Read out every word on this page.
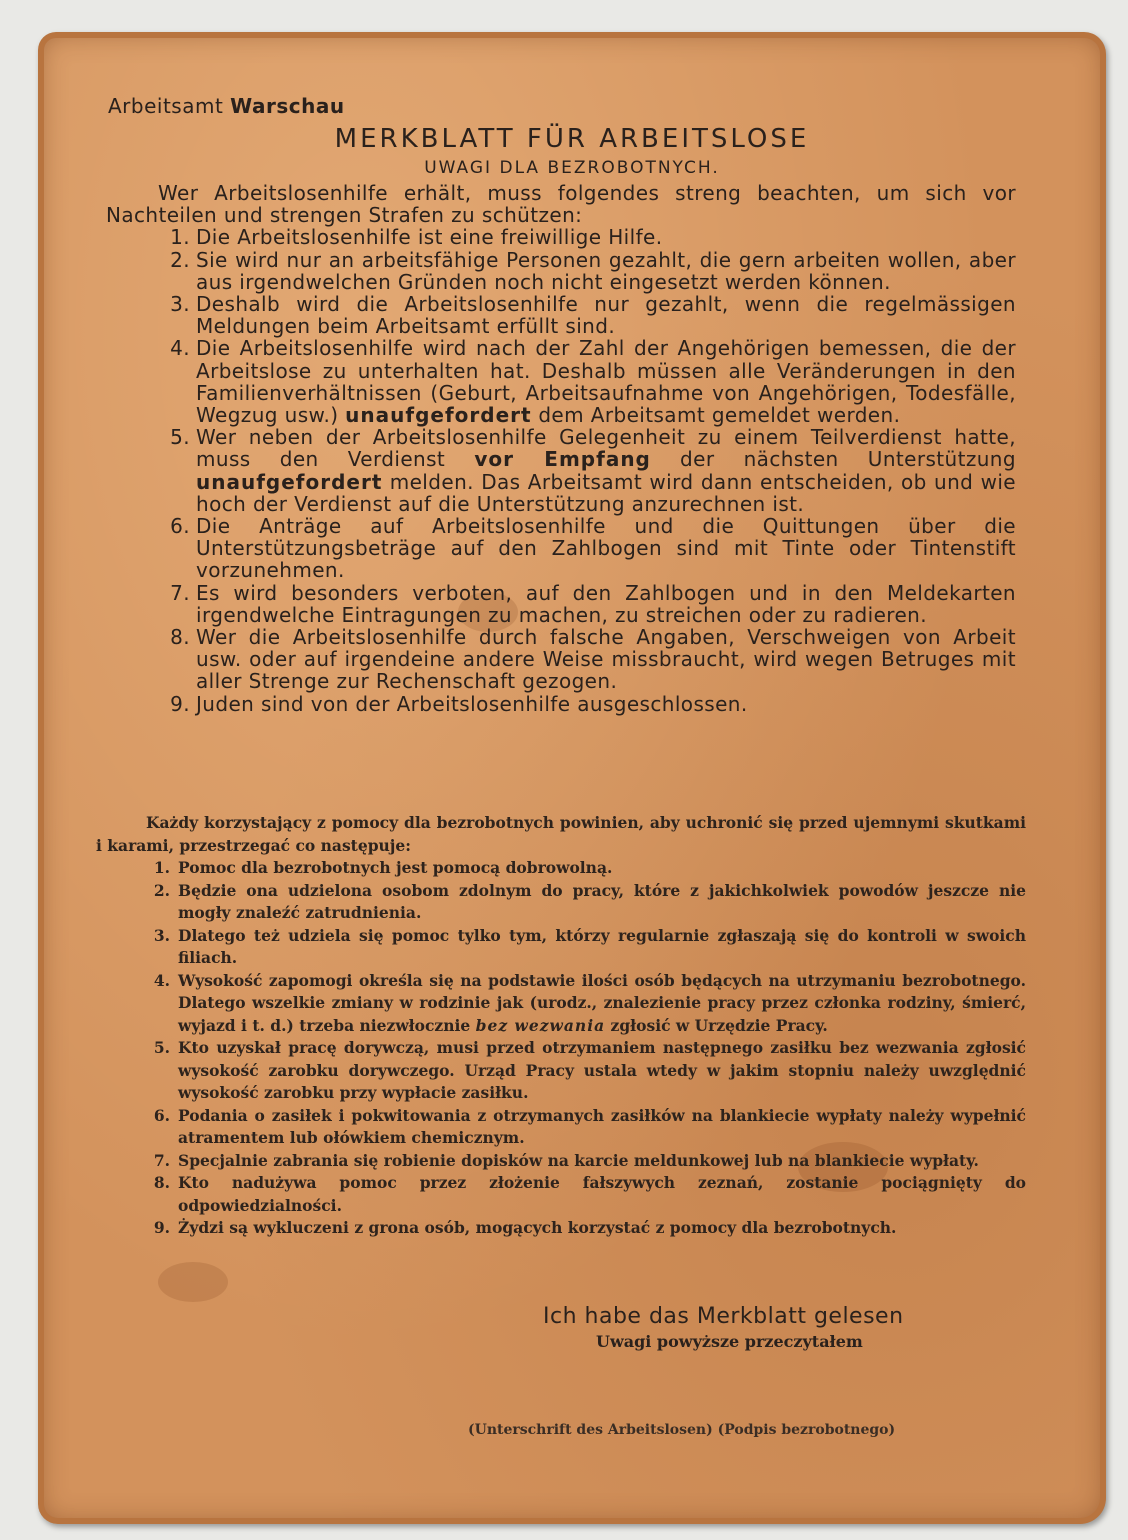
Arbeitsamt Warschau
MERKBLATT FÜR ARBEITSLOSE
UWAGI DLA BEZROBOTNYCH.

Wer Arbeitslosenhilfe erhält, muss folgendes streng beachten, um sich vor Nachteilen und strengen Strafen zu schützen:

1. Die Arbeitslosenhilfe ist eine freiwillige Hilfe.
2. Sie wird nur an arbeitsfähige Personen gezahlt, die gern arbeiten wollen, aber aus irgendwelchen Gründen noch nicht eingesetzt werden können.
3. Deshalb wird die Arbeitslosenhilfe nur gezahlt, wenn die regelmässigen Meldungen beim Arbeitsamt erfüllt sind.
4. Die Arbeitslosenhilfe wird nach der Zahl der Angehörigen bemessen, die der Arbeitslose zu unterhalten hat. Deshalb müssen alle Veränderungen in den Familienverhältnissen (Geburt, Arbeitsaufnahme von Angehörigen, Todesfälle, Wegzug usw.) unaufgefordert dem Arbeitsamt gemeldet werden.
5. Wer neben der Arbeitslosenhilfe Gelegenheit zu einem Teilverdienst hatte, muss den Verdienst vor Empfang der nächsten Unterstützung unaufgefordert melden. Das Arbeitsamt wird dann entscheiden, ob und wie hoch der Verdienst auf die Unterstützung anzurechnen ist.
6. Die Anträge auf Arbeitslosenhilfe und die Quittungen über die Unterstützungsbeträge auf den Zahlbogen sind mit Tinte oder Tintenstift vorzunehmen.
7. Es wird besonders verboten, auf den Zahlbogen und in den Meldekarten irgendwelche Eintragungen zu machen, zu streichen oder zu radieren.
8. Wer die Arbeitslosenhilfe durch falsche Angaben, Verschweigen von Arbeit usw. oder auf irgendeine andere Weise missbraucht, wird wegen Betruges mit aller Strenge zur Rechenschaft gezogen.
9. Juden sind von der Arbeitslosenhilfe ausgeschlossen.

Każdy korzystający z pomocy dla bezrobotnych powinien, aby uchronić się przed ujemnymi skutkami i karami, przestrzegać co następuje:

1. Pomoc dla bezrobotnych jest pomocą dobrowolną.
2. Będzie ona udzielona osobom zdolnym do pracy, które z jakichkolwiek powodów jeszcze nie mogły znaleźć zatrudnienia.
3. Dlatego też udziela się pomoc tylko tym, którzy regularnie zgłaszają się do kontroli w swoich filiach.
4. Wysokość zapomogi określa się na podstawie ilości osób będących na utrzymaniu bezrobotnego. Dlatego wszelkie zmiany w rodzinie jak (urodz., znalezienie pracy przez członka rodziny, śmierć, wyjazd i t. d.) trzeba niezwłocznie bez wezwania zgłosić w Urzędzie Pracy.
5. Kto uzyskał pracę dorywczą, musi przed otrzymaniem następnego zasiłku bez wezwania zgłosić wysokość zarobku dorywczego. Urząd Pracy ustala wtedy w jakim stopniu należy uwzględnić wysokość zarobku przy wypłacie zasiłku.
6. Podania o zasiłek i pokwitowania z otrzymanych zasiłków na blankiecie wypłaty należy wypełnić atramentem lub ołówkiem chemicznym.
7. Specjalnie zabrania się robienie dopisków na karcie meldunkowej lub na blankiecie wypłaty.
8. Kto nadużywa pomoc przez złożenie fałszywych zeznań, zostanie pociągnięty do odpowiedzialności.
9. Żydzi są wykluczeni z grona osób, mogących korzystać z pomocy dla bezrobotnych.
Ich habe das Merkblatt gelesen
Uwagi powyższe przeczytałem
(Unterschrift des Arbeitslosen) (Podpis bezrobotnego)
